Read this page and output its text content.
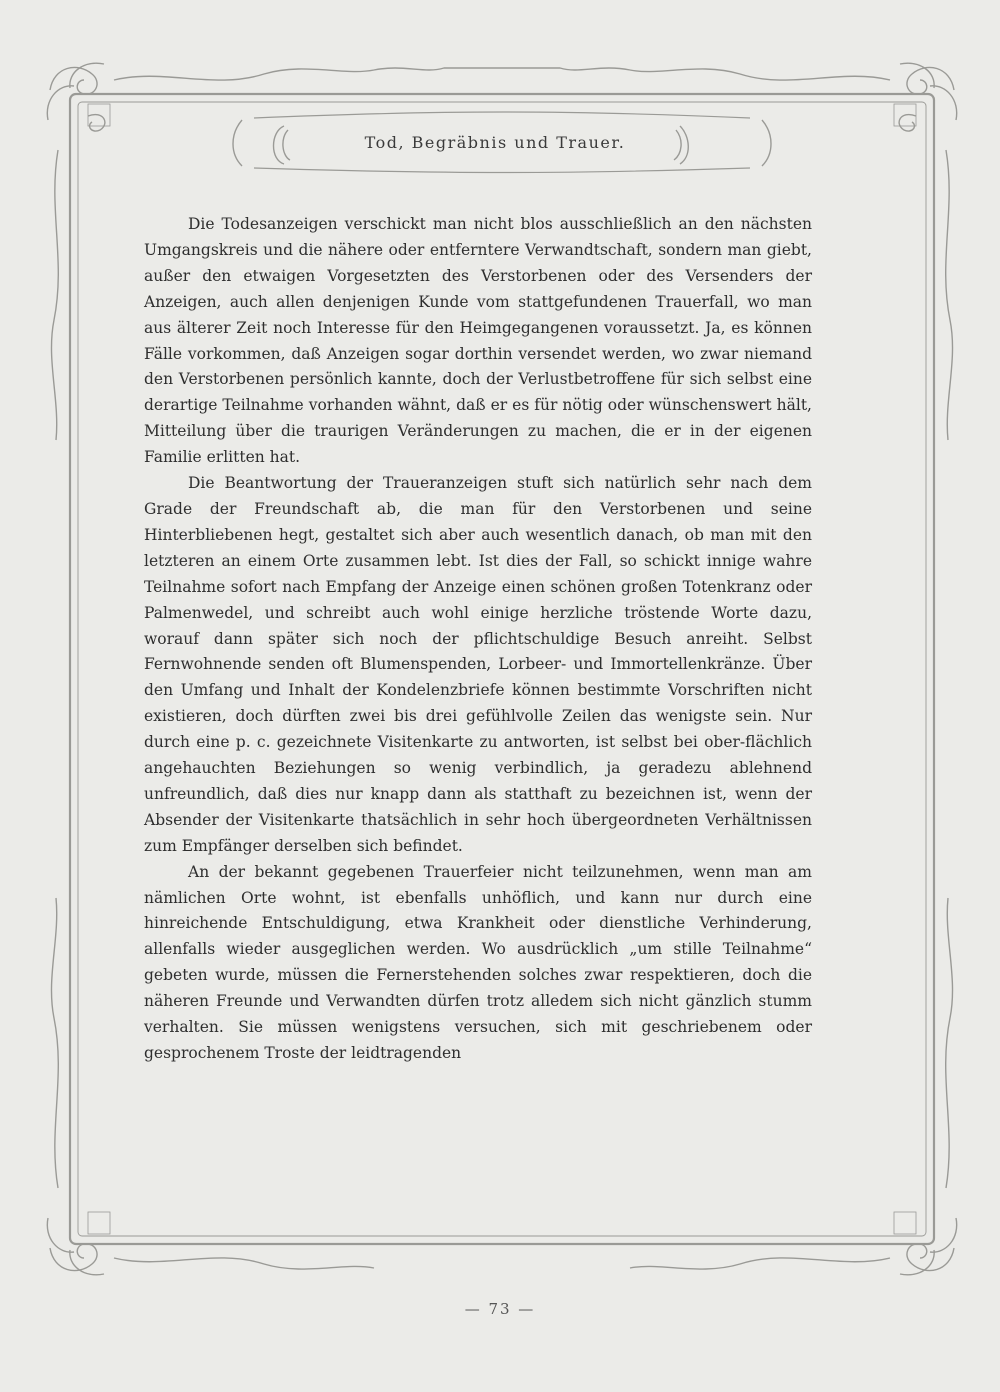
Tod, Begräbnis und Trauer.

Die Todesanzeigen verschickt man nicht blos ausschließlich an den nächsten Umgangskreis und die nähere oder entferntere Verwandtschaft, sondern man giebt, außer den etwaigen Vorgesetzten des Verstorbenen oder des Versenders der Anzeigen, auch allen denjenigen Kunde vom stattgefundenen Trauerfall, wo man aus älterer Zeit noch Interesse für den Heimgegangenen voraussetzt. Ja, es können Fälle vorkommen, daß Anzeigen sogar dorthin versendet werden, wo zwar niemand den Verstorbenen persönlich kannte, doch der Verlustbetroffene für sich selbst eine derartige Teilnahme vorhanden wähnt, daß er es für nötig oder wünschenswert hält, Mitteilung über die traurigen Veränderungen zu machen, die er in der eigenen Familie erlitten hat.

Die Beantwortung der Traueranzeigen stuft sich natürlich sehr nach dem Grade der Freundschaft ab, die man für den Verstorbenen und seine Hinterbliebenen hegt, gestaltet sich aber auch wesentlich danach, ob man mit den letzteren an einem Orte zusammen lebt. Ist dies der Fall, so schickt innige wahre Teilnahme sofort nach Empfang der Anzeige einen schönen großen Totenkranz oder Palmenwedel, und schreibt auch wohl einige herzliche tröstende Worte dazu, worauf dann später sich noch der pflichtschuldige Besuch anreiht. Selbst Fernwohnende senden oft Blumenspenden, Lorbeer- und Immortellenkränze. Über den Umfang und Inhalt der Kondelenzbriefe können bestimmte Vorschriften nicht existieren, doch dürften zwei bis drei gefühlvolle Zeilen das wenigste sein. Nur durch eine p. c. gezeichnete Visitenkarte zu antworten, ist selbst bei ober-flächlich angehauchten Beziehungen so wenig verbindlich, ja geradezu ablehnend unfreundlich, daß dies nur knapp dann als statthaft zu bezeichnen ist, wenn der Absender der Visitenkarte thatsächlich in sehr hoch übergeordneten Verhältnissen zum Empfänger derselben sich befindet.

An der bekannt gegebenen Trauerfeier nicht teilzunehmen, wenn man am nämlichen Orte wohnt, ist ebenfalls unhöflich, und kann nur durch eine hinreichende Entschuldigung, etwa Krankheit oder dienstliche Verhinderung, allenfalls wieder ausgeglichen werden. Wo ausdrücklich „um stille Teilnahme“ gebeten wurde, müssen die Fernerstehenden solches zwar respektieren, doch die näheren Freunde und Verwandten dürfen trotz alledem sich nicht gänzlich stumm verhalten. Sie müssen wenigstens versuchen, sich mit geschriebenem oder gesprochenem Troste der leidtragenden

— 73 —
